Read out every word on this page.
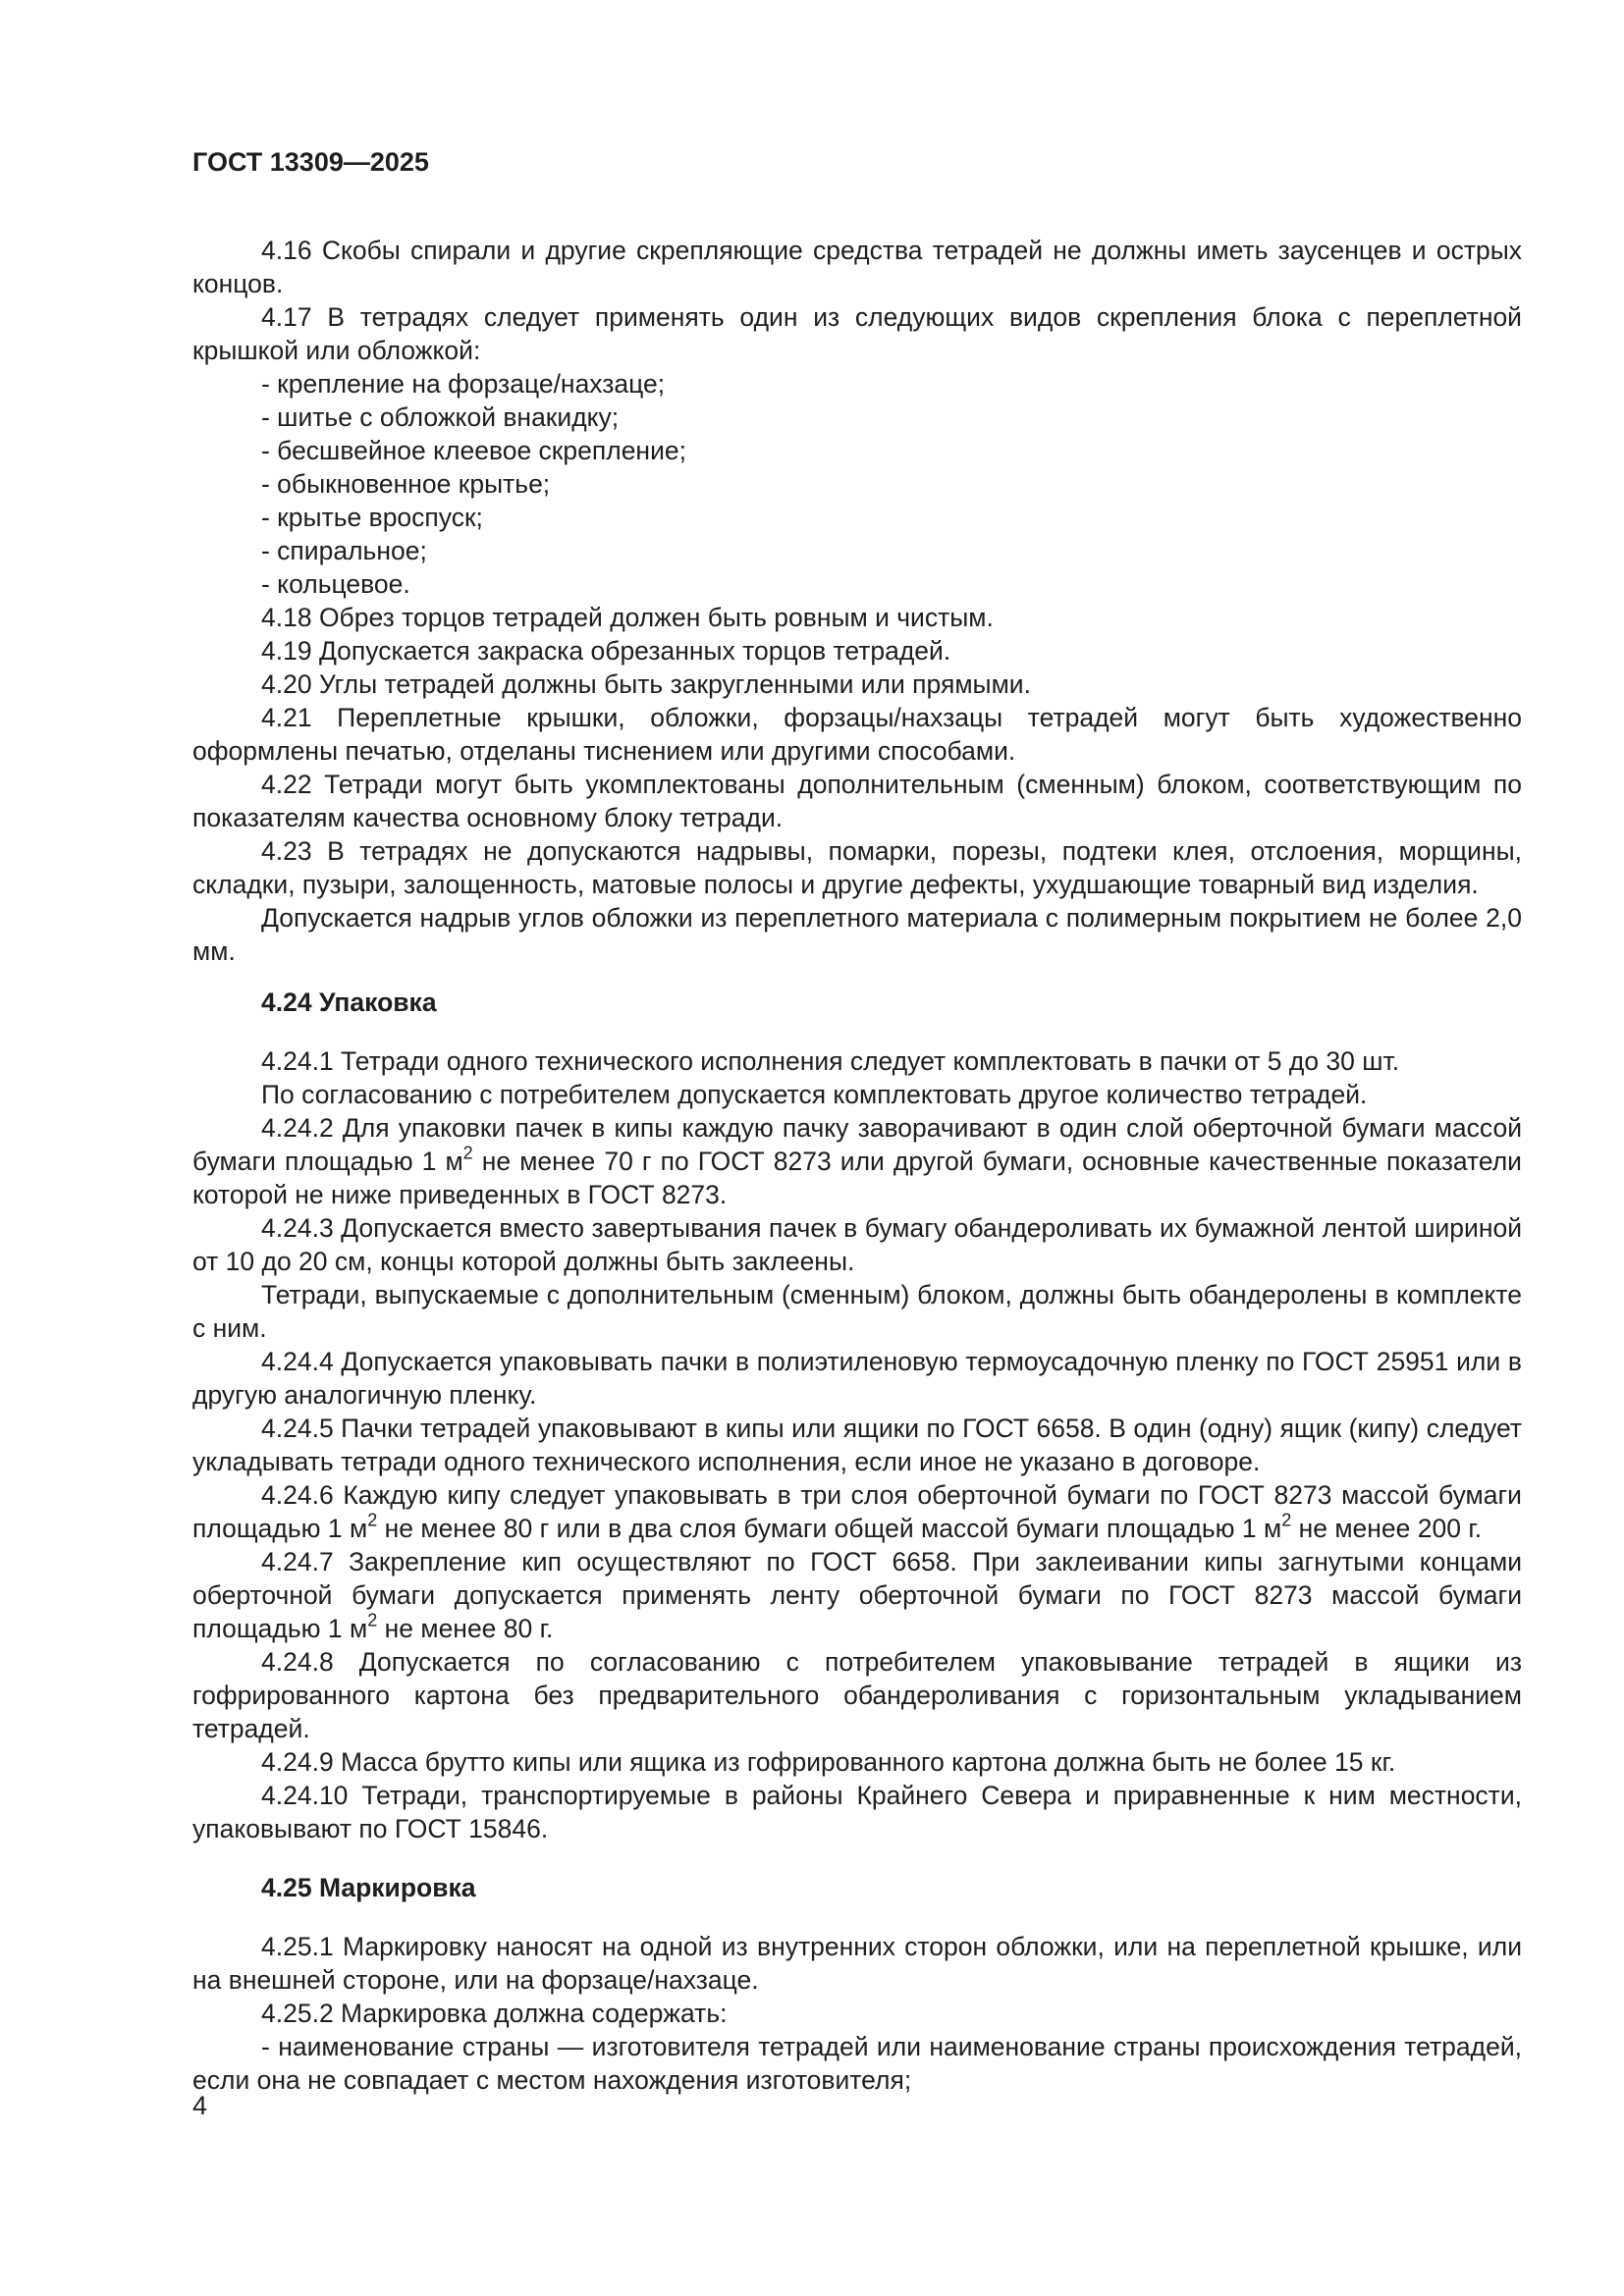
ГОСТ 13309—2025

4.16 Скобы спирали и другие скрепляющие средства тетрадей не должны иметь заусенцев и острых концов.

4.17 В тетрадях следует применять один из следующих видов скрепления блока с переплетной крышкой или обложкой:

- крепление на форзаце/нахзаце;

- шитье с обложкой внакидку;

- бесшвейное клеевое скрепление;

- обыкновенное крытье;

- крытье вроспуск;

- спиральное;

- кольцевое.

4.18 Обрез торцов тетрадей должен быть ровным и чистым.

4.19 Допускается закраска обрезанных торцов тетрадей.

4.20 Углы тетрадей должны быть закругленными или прямыми.

4.21 Переплетные крышки, обложки, форзацы/нахзацы тетрадей могут быть художественно оформлены печатью, отделаны тиснением или другими способами.

4.22 Тетради могут быть укомплектованы дополнительным (сменным) блоком, соответствующим по показателям качества основному блоку тетради.

4.23 В тетрадях не допускаются надрывы, помарки, порезы, подтеки клея, отслоения, морщины, складки, пузыри, залощенность, матовые полосы и другие дефекты, ухудшающие товарный вид изделия.

Допускается надрыв углов обложки из переплетного материала с полимерным покрытием не более 2,0 мм.

4.24 Упаковка

4.24.1 Тетради одного технического исполнения следует комплектовать в пачки от 5 до 30 шт.

По согласованию с потребителем допускается комплектовать другое количество тетрадей.

4.24.2 Для упаковки пачек в кипы каждую пачку заворачивают в один слой оберточной бумаги массой бумаги площадью 1 $м^2$ не менее 70 г по ГОСТ 8273 или другой бумаги, основные качественные показатели которой не ниже приведенных в ГОСТ 8273.

4.24.3 Допускается вместо завертывания пачек в бумагу обандероливать их бумажной лентой шириной от 10 до 20 см, концы которой должны быть заклеены.

Тетради, выпускаемые с дополнительным (сменным) блоком, должны быть обандеролены в комплекте с ним.

4.24.4 Допускается упаковывать пачки в полиэтиленовую термоусадочную пленку по ГОСТ 25951 или в другую аналогичную пленку.

4.24.5 Пачки тетрадей упаковывают в кипы или ящики по ГОСТ 6658. В один (одну) ящик (кипу) следует укладывать тетради одного технического исполнения, если иное не указано в договоре.

4.24.6 Каждую кипу следует упаковывать в три слоя оберточной бумаги по ГОСТ 8273 массой бумаги площадью 1 $м^2$ не менее 80 г или в два слоя бумаги общей массой бумаги площадью 1 $м^2$ не менее 200 г.

4.24.7 Закрепление кип осуществляют по ГОСТ 6658. При заклеивании кипы загнутыми концами оберточной бумаги допускается применять ленту оберточной бумаги по ГОСТ 8273 массой бумаги площадью 1 $м^2$ не менее 80 г.

4.24.8 Допускается по согласованию с потребителем упаковывание тетрадей в ящики из гофрированного картона без предварительного обандероливания с горизонтальным укладыванием тетрадей.

4.24.9 Масса брутто кипы или ящика из гофрированного картона должна быть не более 15 кг.

4.24.10 Тетради, транспортируемые в районы Крайнего Севера и приравненные к ним местности, упаковывают по ГОСТ 15846.

4.25 Маркировка

4.25.1 Маркировку наносят на одной из внутренних сторон обложки, или на переплетной крышке, или на внешней стороне, или на форзаце/нахзаце.

4.25.2 Маркировка должна содержать:

- наименование страны — изготовителя тетрадей или наименование страны происхождения тетрадей, если она не совпадает с местом нахождения изготовителя;

4
